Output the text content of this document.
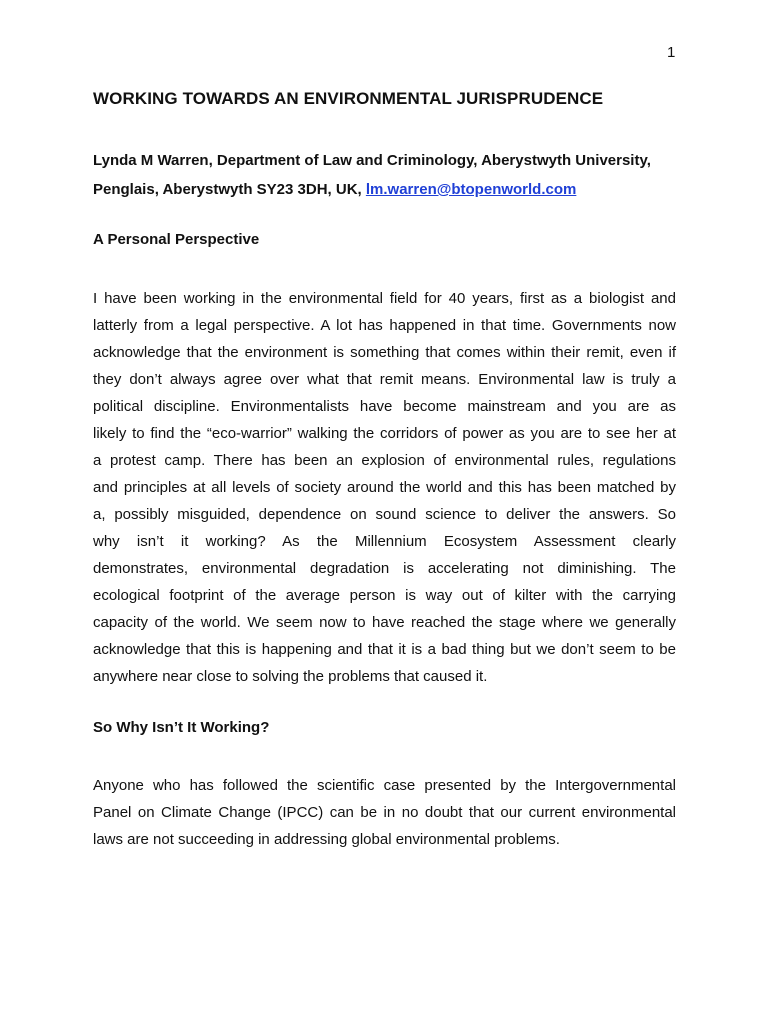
1
WORKING TOWARDS AN ENVIRONMENTAL JURISPRUDENCE
Lynda M Warren, Department of Law and Criminology, Aberystwyth University,
Penglais, Aberystwyth SY23 3DH, UK, lm.warren@btopenworld.com
A Personal Perspective
I have been working in the environmental field for 40 years, first as a biologist and
latterly from a legal perspective. A lot has happened in that time. Governments now
acknowledge that the environment is something that comes within their remit, even if
they don’t always agree over what that remit means. Environmental law is truly a
political discipline. Environmentalists have become mainstream and you are as
likely to find the “eco-warrior” walking the corridors of power as you are to see her at
a protest camp. There has been an explosion of environmental rules, regulations
and principles at all levels of society around the world and this has been matched by
a, possibly misguided, dependence on sound science to deliver the answers. So
why isn’t it working? As the Millennium Ecosystem Assessment clearly
demonstrates, environmental degradation is accelerating not diminishing. The
ecological footprint of the average person is way out of kilter with the carrying
capacity of the world. We seem now to have reached the stage where we generally
acknowledge that this is happening and that it is a bad thing but we don’t seem to be
anywhere near close to solving the problems that caused it.
So Why Isn’t It Working?
Anyone who has followed the scientific case presented by the Intergovernmental
Panel on Climate Change (IPCC) can be in no doubt that our current environmental
laws are not succeeding in addressing global environmental problems.
